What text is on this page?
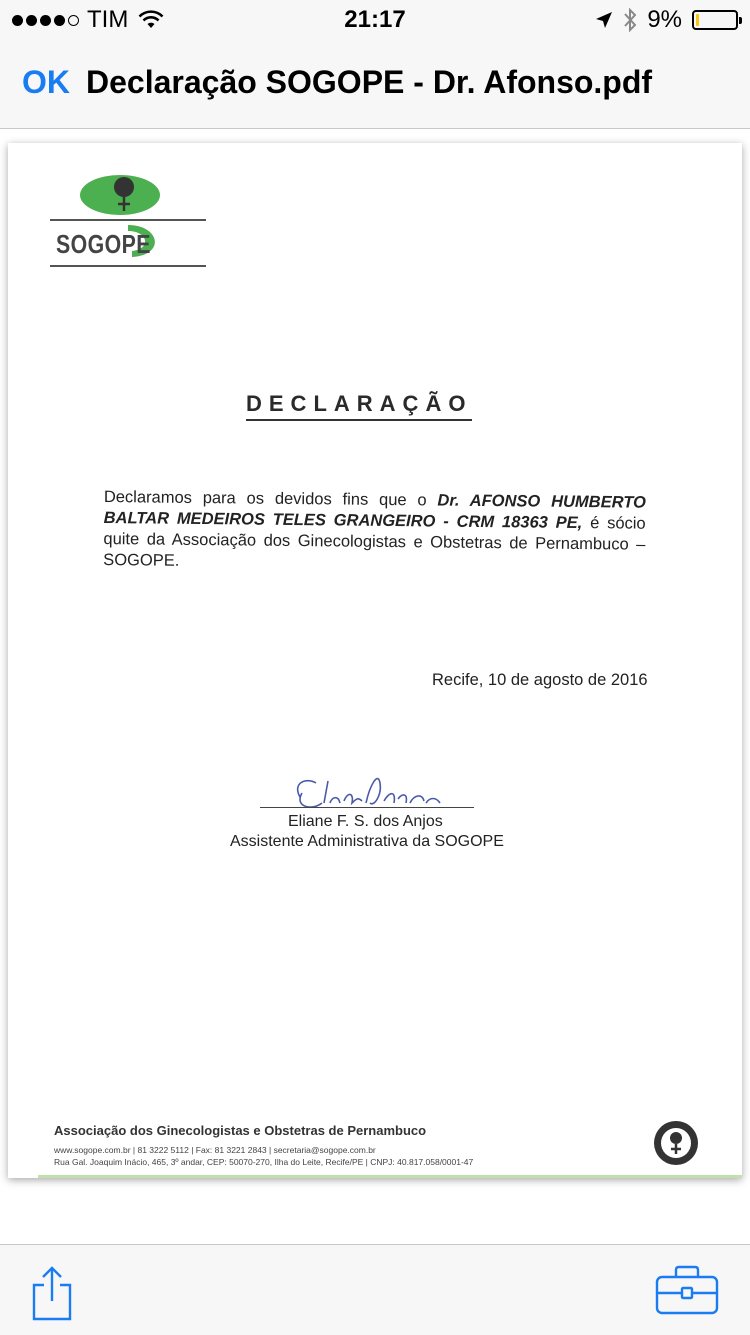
TIM	21:17	9%
OK Declaração SOGOPE - Dr. Afonso.pdf
SOGOPE
DECLARAÇÃO
Declaramos para os devidos fins que o Dr. AFONSO HUMBERTO BALTAR MEDEIROS TELES GRANGEIRO - CRM 18363 PE, é sócio quite da Associação dos Ginecologistas e Obstetras de Pernambuco – SOGOPE.
Recife, 10 de agosto de 2016
Eliane F. S. dos Anjos
Assistente Administrativa da SOGOPE
Associação dos Ginecologistas e Obstetras de Pernambuco
www.sogope.com.br | 81 3222 5112 | Fax: 81 3221 2843 | secretaria@sogope.com.br
Rua Gal. Joaquim Inácio, 465, 3º andar, CEP: 50070-270, Ilha do Leite, Recife/PE | CNPJ: 40.817.058/0001-47
